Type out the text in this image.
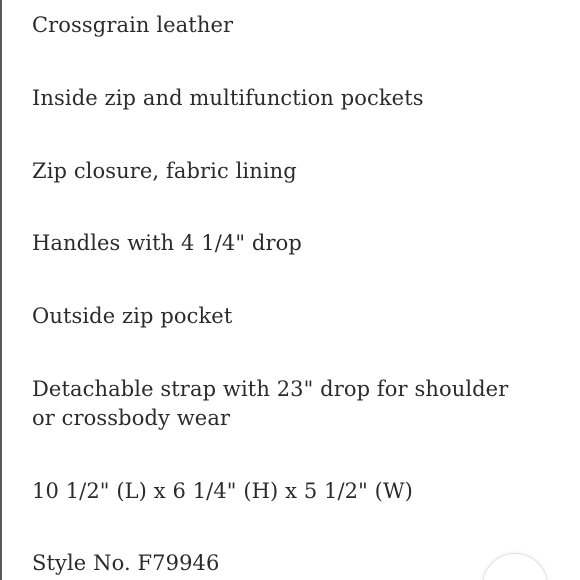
Crossgrain leather
Inside zip and multifunction pockets
Zip closure, fabric lining
Handles with 4 1/4" drop
Outside zip pocket
Detachable strap with 23" drop for shoulder or crossbody wear
10 1/2" (L) x 6 1/4" (H) x 5 1/2" (W)
Style No. F79946
